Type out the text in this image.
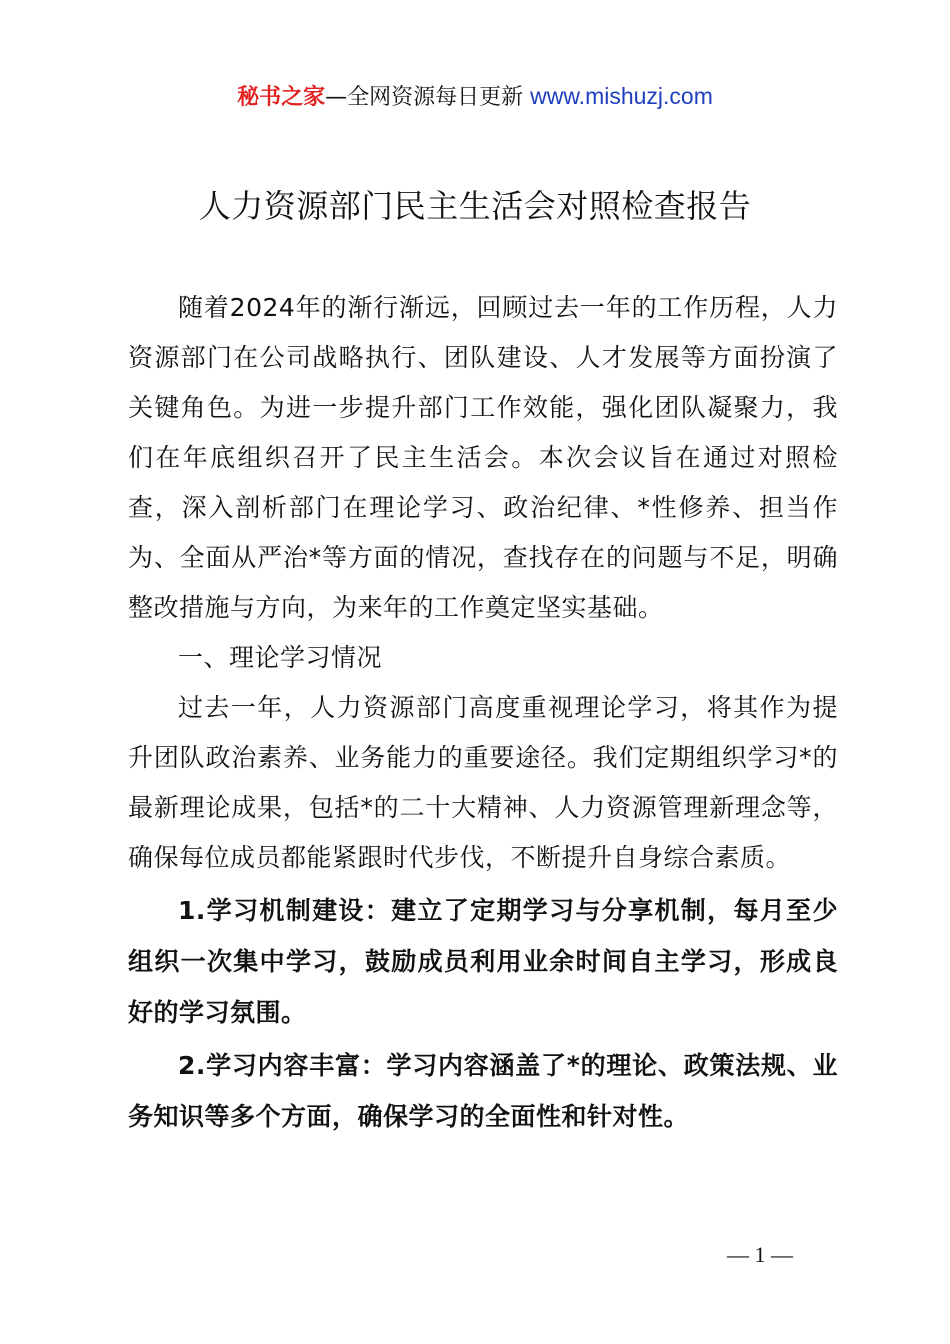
秘书之家—全网资源每日更新 www.mishuzj.com
人力资源部门民主生活会对照检查报告

随着2024年的渐行渐远，回顾过去一年的工作历程，人力资源部门在公司战略执行、团队建设、人才发展等方面扮演了关键角色。为进一步提升部门工作效能，强化团队凝聚力，我们在年底组织召开了民主生活会。本次会议旨在通过对照检查，深入剖析部门在理论学习、政治纪律、*性修养、担当作为、全面从严治*等方面的情况，查找存在的问题与不足，明确整改措施与方向，为来年的工作奠定坚实基础。

一、理论学习情况

过去一年，人力资源部门高度重视理论学习，将其作为提升团队政治素养、业务能力的重要途径。我们定期组织学习*的最新理论成果，包括*的二十大精神、人力资源管理新理念等，确保每位成员都能紧跟时代步伐，不断提升自身综合素质。

1.学习机制建设：建立了定期学习与分享机制，每月至少组织一次集中学习，鼓励成员利用业余时间自主学习，形成良好的学习氛围。

2.学习内容丰富：学习内容涵盖了*的理论、政策法规、业务知识等多个方面，确保学习的全面性和针对性。

— 1 —
